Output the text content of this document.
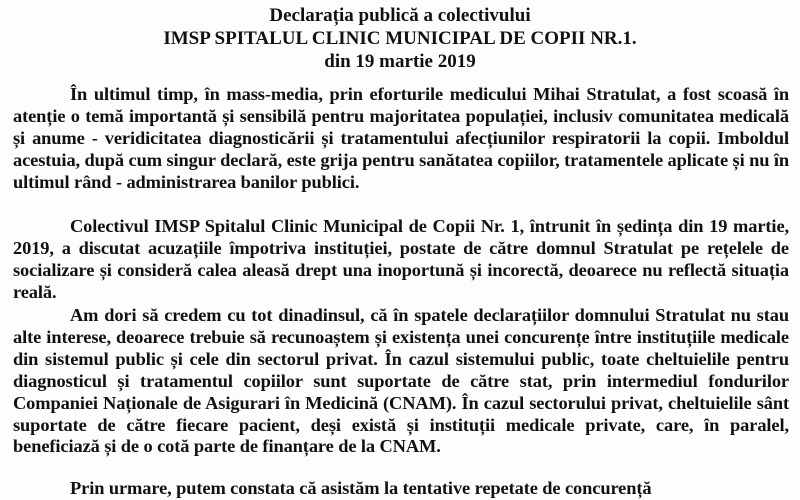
Declarația publică a colectivului
IMSP SPITALUL CLINIC MUNICIPAL DE COPII NR.1.
din 19 martie 2019

În ultimul timp, în mass-media, prin eforturile medicului Mihai Stratulat, a fost scoasă în atenție o temă importantă și sensibilă pentru majoritatea populației, inclusiv comunitatea medicală și anume - veridicitatea diagnosticării și tratamentului afecțiunilor respiratorii la copii. Imboldul acestuia, după cum singur declară, este grija pentru sanătatea copiilor, tratamentele aplicate și nu în ultimul rând - administrarea banilor publici.

Colectivul IMSP Spitalul Clinic Municipal de Copii Nr. 1, întrunit în ședința din 19 martie, 2019, a discutat acuzațiile împotriva instituției, postate de către domnul Stratulat pe rețelele de socializare și consideră calea aleasă drept una inoportună și incorectă, deoarece nu reflectă situația reală.

Am dori să credem cu tot dinadinsul, că în spatele declarațiilor domnului Stratulat nu stau alte interese, deoarece trebuie să recunoaștem și existența unei concurențe între instituțiile medicale din sistemul public și cele din sectorul privat. În cazul sistemului public, toate cheltuielile pentru diagnosticul și tratamentul copiilor sunt suportate de către stat, prin intermediul fondurilor Companiei Naționale de Asigurari în Medicină (CNAM). În cazul sectorului privat, cheltuielile sânt suportate de către fiecare pacient, deși există și instituții medicale private, care, în paralel, beneficiază și de o cotă parte de finanțare de la CNAM.

Prin urmare, putem constata că asistăm la tentative repetate de concurență
